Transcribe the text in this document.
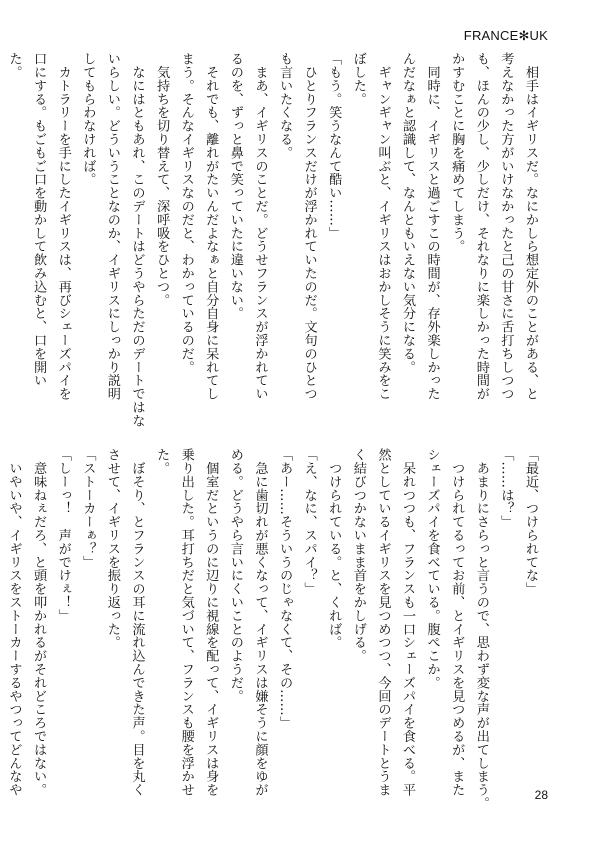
FRANCE✻UK
　相手はイギリスだ。なにかしら想定外のことがある、と
考えなかった方がいけなかったと己の甘さに舌打ちしつつ
も、ほんの少し、少しだけ、それなりに楽しかった時間が
かすむことに胸を痛めてしまう。
　同時に、イギリスと過ごすこの時間が、存外楽しかった
んだなぁと認識して、なんともいえない気分になる。
　ギャンギャン叫ぶと、イギリスはおかしそうに笑みをこ
ぼした。
「もう。笑うなんて酷い……」
　ひとりフランスだけが浮かれていたのだ。文句のひとつ
も言いたくなる。
　まあ、イギリスのことだ。どうせフランスが浮かれてい
るのを、ずっと鼻で笑っていたに違いない。
　それでも、離れがたいんだよなぁと自分自身に呆れてし
まう。そんなイギリスなのだと、わかっているのだ。
　気持ちを切り替えて、深呼吸をひとつ。
　なにはともあれ、このデートはどうやらただのデートではな
いらしい。どういうことなのか、イギリスにしっかり説明
してもらわなければ。
　カトラリーを手にしたイギリスは、再びシェーズパイを
口にする。もごもご口を動かして飲み込むと、口を開い
た。
「最近、つけられてな」
「……は？」
　あまりにさらっと言うので、思わず変な声が出てしまう。
　つけられてるってお前、とイギリスを見つめるが、また
シェーズパイを食べている。腹ぺこか。
　呆れつつも、フランスも一口シェーズパイを食べる。平
然としているイギリスを見つめつつ、今回のデートとうま
く結びつかないまま首をかしげる。
　つけられている。と、くれば。
「え、なに、スパイ？」
「あー……そういうのじゃなくて、その……」
　急に歯切れが悪くなって、イギリスは嫌そうに顔をゆが
める。どうやら言いにくいことのようだ。
　個室だというのに辺りに視線を配って、イギリスは身を
乗り出した。耳打ちだと気づいて、フランスも腰を浮かせ
た。
　ぼそり、とフランスの耳に流れ込んできた声。目を丸く
させて、イギリスを振り返った。
「ストーカーぁ？」
「しーっ！　声がでけぇ！」
　意味ねぇだろ、と頭を叩かれるがそれどころではない。
　いやいや、イギリスをストーカーするやつってどんなや	28
